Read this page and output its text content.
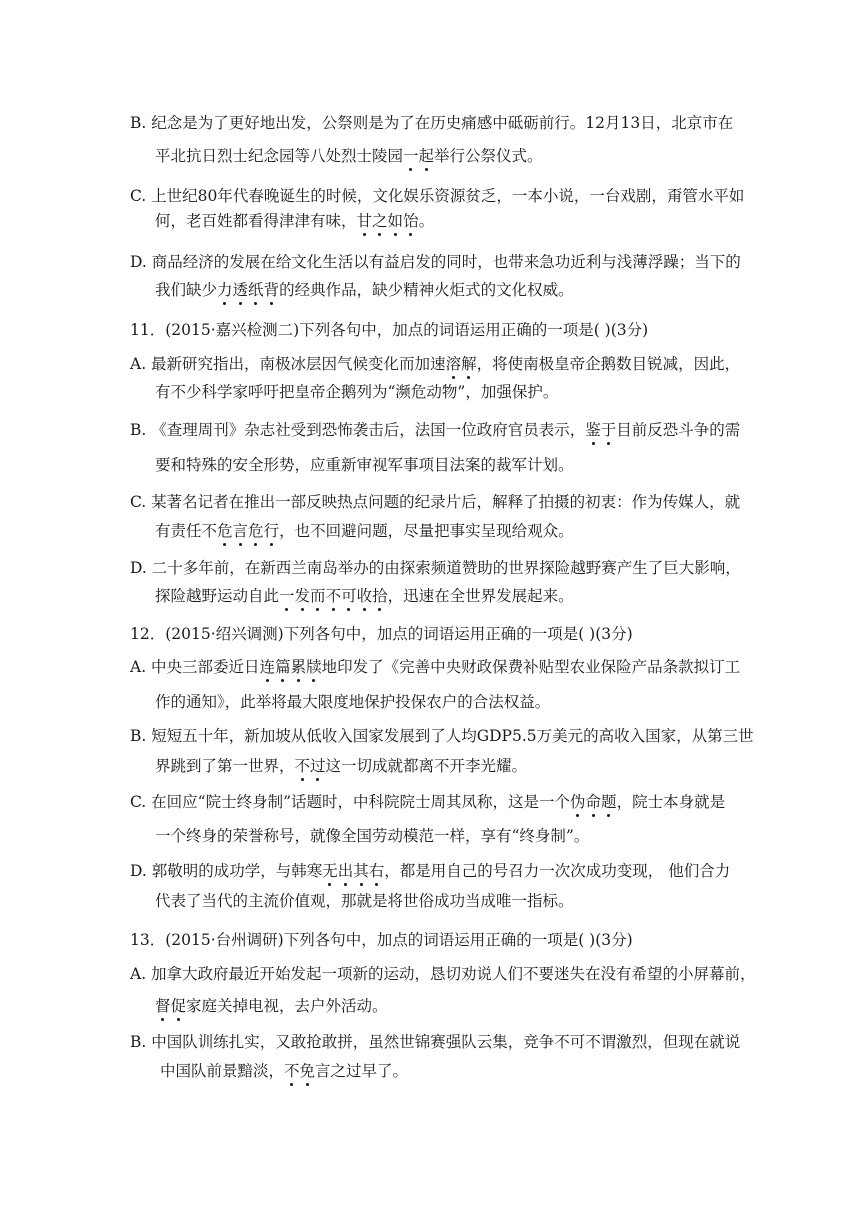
B. 纪念是为了更好地出发，公祭则是为了在历史痛感中砥砺前行。12月13日，北京市在
平北抗日烈士纪念园等八处烈士陵园一起举行公祭仪式。
C. 上世纪80年代春晚诞生的时候，文化娱乐资源贫乏，一本小说，一台戏剧，甭管水平如
何，老百姓都看得津津有味，甘之如饴。
D. 商品经济的发展在给文化生活以有益启发的同时，也带来急功近利与浅薄浮躁；当下的
我们缺少力透纸背的经典作品，缺少精神火炬式的文化权威。
11．(2015·嘉兴检测二)下列各句中，加点的词语运用正确的一项是( )(3分)
A. 最新研究指出，南极冰层因气候变化而加速溶解，将使南极皇帝企鹅数目锐减，因此，
有不少科学家呼吁把皇帝企鹅列为“濒危动物”，加强保护。
B. 《查理周刊》杂志社受到恐怖袭击后，法国一位政府官员表示，鉴于目前反恐斗争的需
要和特殊的安全形势，应重新审视军事项目法案的裁军计划。
C. 某著名记者在推出一部反映热点问题的纪录片后，解释了拍摄的初衷：作为传媒人，就
有责任不危言危行，也不回避问题，尽量把事实呈现给观众。
D. 二十多年前，在新西兰南岛举办的由探索频道赞助的世界探险越野赛产生了巨大影响，
探险越野运动自此一发而不可收拾，迅速在全世界发展起来。
12．(2015·绍兴调测)下列各句中，加点的词语运用正确的一项是( )(3分)
A. 中央三部委近日连篇累牍地印发了《完善中央财政保费补贴型农业保险产品条款拟订工
作的通知》，此举将最大限度地保护投保农户的合法权益。
B. 短短五十年，新加坡从低收入国家发展到了人均GDP5.5万美元的高收入国家，从第三世
界跳到了第一世界，不过这一切成就都离不开李光耀。
C. 在回应“院士终身制”话题时，中科院院士周其凤称，这是一个伪命题，院士本身就是
一个终身的荣誉称号，就像全国劳动模范一样，享有“终身制”。
D. 郭敬明的成功学，与韩寒无出其右，都是用自己的号召力一次次成功变现， 他们合力
代表了当代的主流价值观，那就是将世俗成功当成唯一指标。
13．(2015·台州调研)下列各句中，加点的词语运用正确的一项是( )(3分)
A. 加拿大政府最近开始发起一项新的运动，恳切劝说人们不要迷失在没有希望的小屏幕前，
督促家庭关掉电视，去户外活动。
B. 中国队训练扎实，又敢抢敢拼，虽然世锦赛强队云集，竞争不可不谓激烈，但现在就说
中国队前景黯淡，不免言之过早了。
